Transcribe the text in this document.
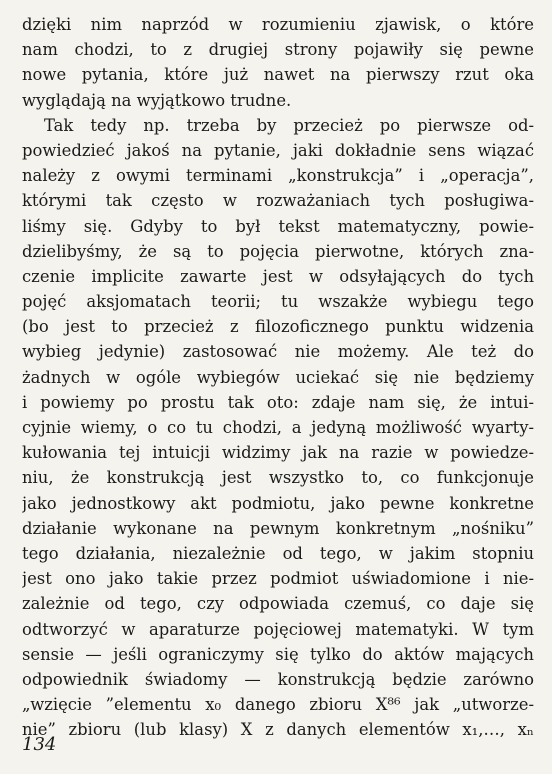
dzięki nim naprzód w rozumieniu zjawisk, o które
nam chodzi, to z drugiej strony pojawiły się pewne
nowe pytania, które już nawet na pierwszy rzut oka
wyglądają na wyjątkowo trudne.
Tak tedy np. trzeba by przecież po pierwsze od-
powiedzieć jakoś na pytanie, jaki dokładnie sens wiązać
należy z owymi terminami „konstrukcja” i „operacja”,
którymi tak często w rozważaniach tych posługiwa-
liśmy się. Gdyby to był tekst matematyczny, powie-
dzielibyśmy, że są to pojęcia pierwotne, których zna-
czenie implicite zawarte jest w odsyłających do tych
pojęć aksjomatach teorii; tu wszakże wybiegu tego
(bo jest to przecież z filozoficznego punktu widzenia
wybieg jedynie) zastosować nie możemy. Ale też do
żadnych w ogóle wybiegów uciekać się nie będziemy
i powiemy po prostu tak oto: zdaje nam się, że intui-
cyjnie wiemy, o co tu chodzi, a jedyną możliwość wyarty-
kułowania tej intuicji widzimy jak na razie w powiedze-
niu, że konstrukcją jest wszystko to, co funkcjonuje
jako jednostkowy akt podmiotu, jako pewne konkretne
działanie wykonane na pewnym konkretnym „nośniku”
tego działania, niezależnie od tego, w jakim stopniu
jest ono jako takie przez podmiot uświadomione i nie-
zależnie od tego, czy odpowiada czemuś, co daje się
odtworzyć w aparaturze pojęciowej matematyki. W tym
sensie — jeśli ograniczymy się tylko do aktów mających
odpowiednik świadomy — konstrukcją będzie zarówno
„wzięcie ”elementu x₀ danego zbioru X⁸⁶ jak „utworze-
nie” zbioru (lub klasy) X z danych elementów x₁,…, xₙ
134
